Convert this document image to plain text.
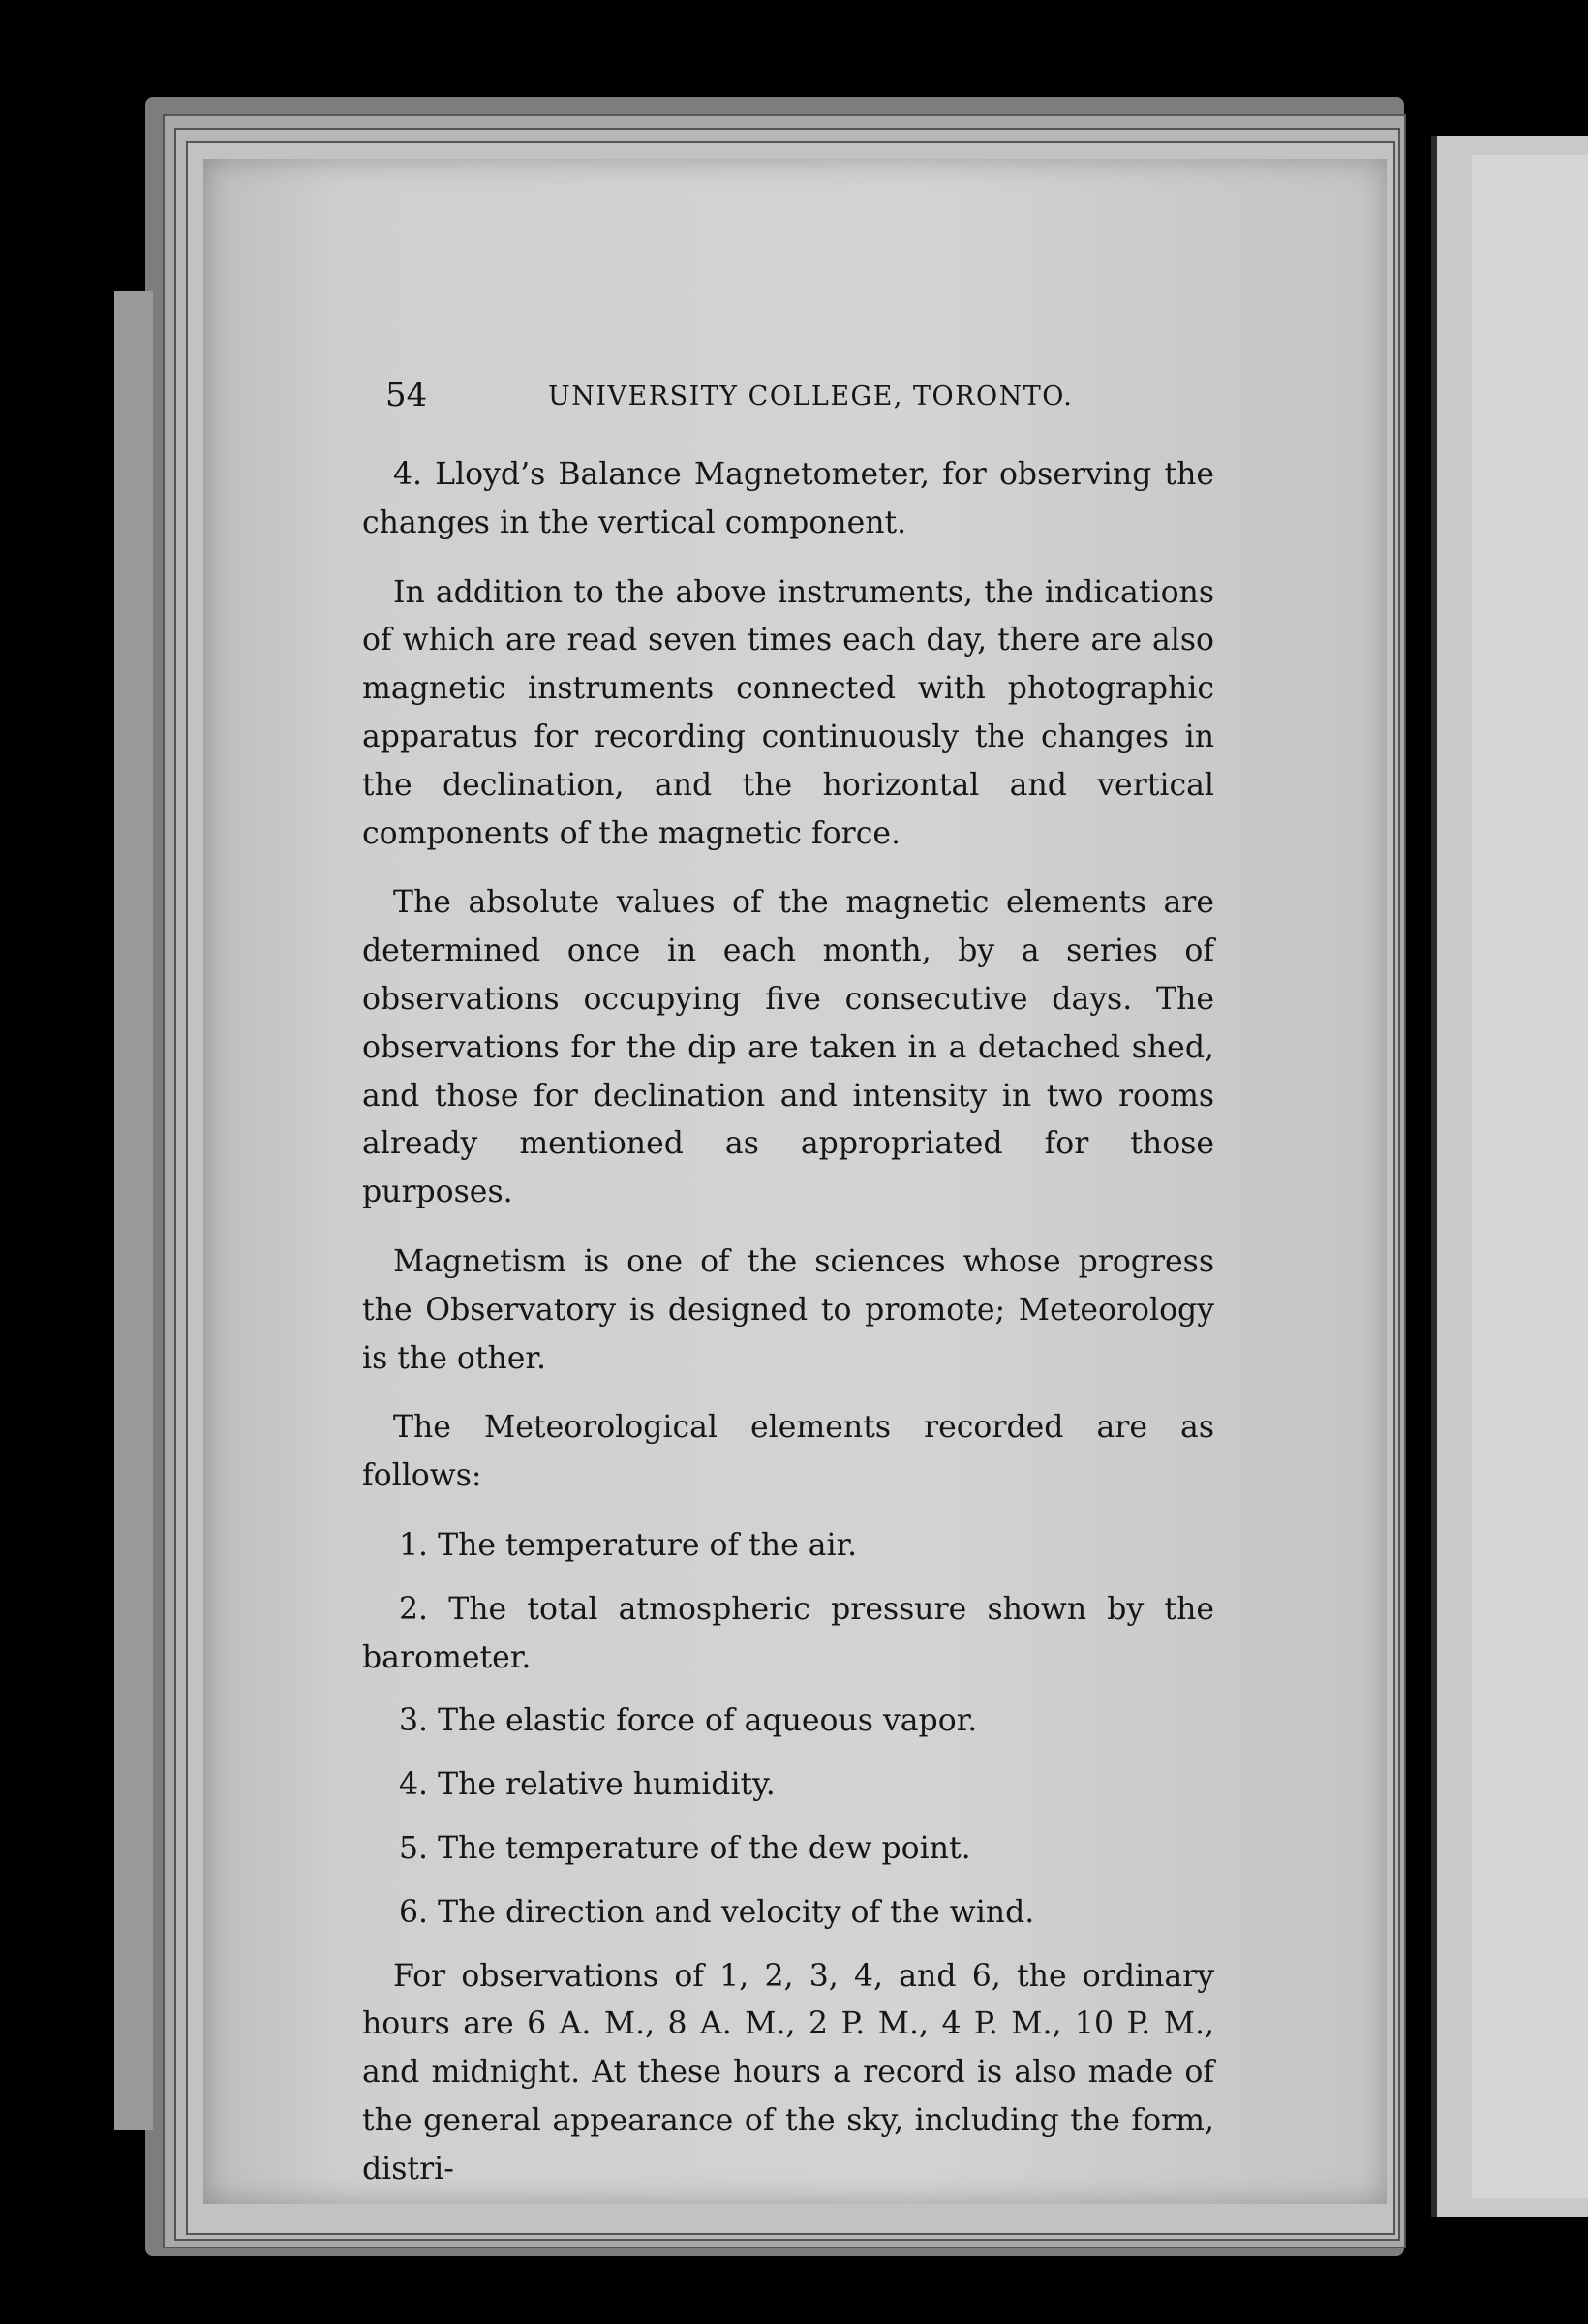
54	UNIVERSITY COLLEGE, TORONTO.

4. Lloyd’s Balance Magnetometer, for observing the changes in the vertical component.

In addition to the above instruments, the indications of which are read seven times each day, there are also magnetic instruments connected with photographic apparatus for recording continuously the changes in the declination, and the horizontal and vertical components of the magnetic force.

The absolute values of the magnetic elements are determined once in each month, by a series of observations occupying five consecutive days. The observations for the dip are taken in a detached shed, and those for declination and intensity in two rooms already mentioned as appropriated for those purposes.

Magnetism is one of the sciences whose progress the Observatory is designed to promote; Meteorology is the other.

The Meteorological elements recorded are as follows:

1. The temperature of the air.

2. The total atmospheric pressure shown by the barometer.

3. The elastic force of aqueous vapor.

4. The relative humidity.

5. The temperature of the dew point.

6. The direction and velocity of the wind.

For observations of 1, 2, 3, 4, and 6, the ordinary hours are 6 A. M., 8 A. M., 2 P. M., 4 P. M., 10 P. M., and midnight. At these hours a record is also made of the general appearance of the sky, including the form, distri-
